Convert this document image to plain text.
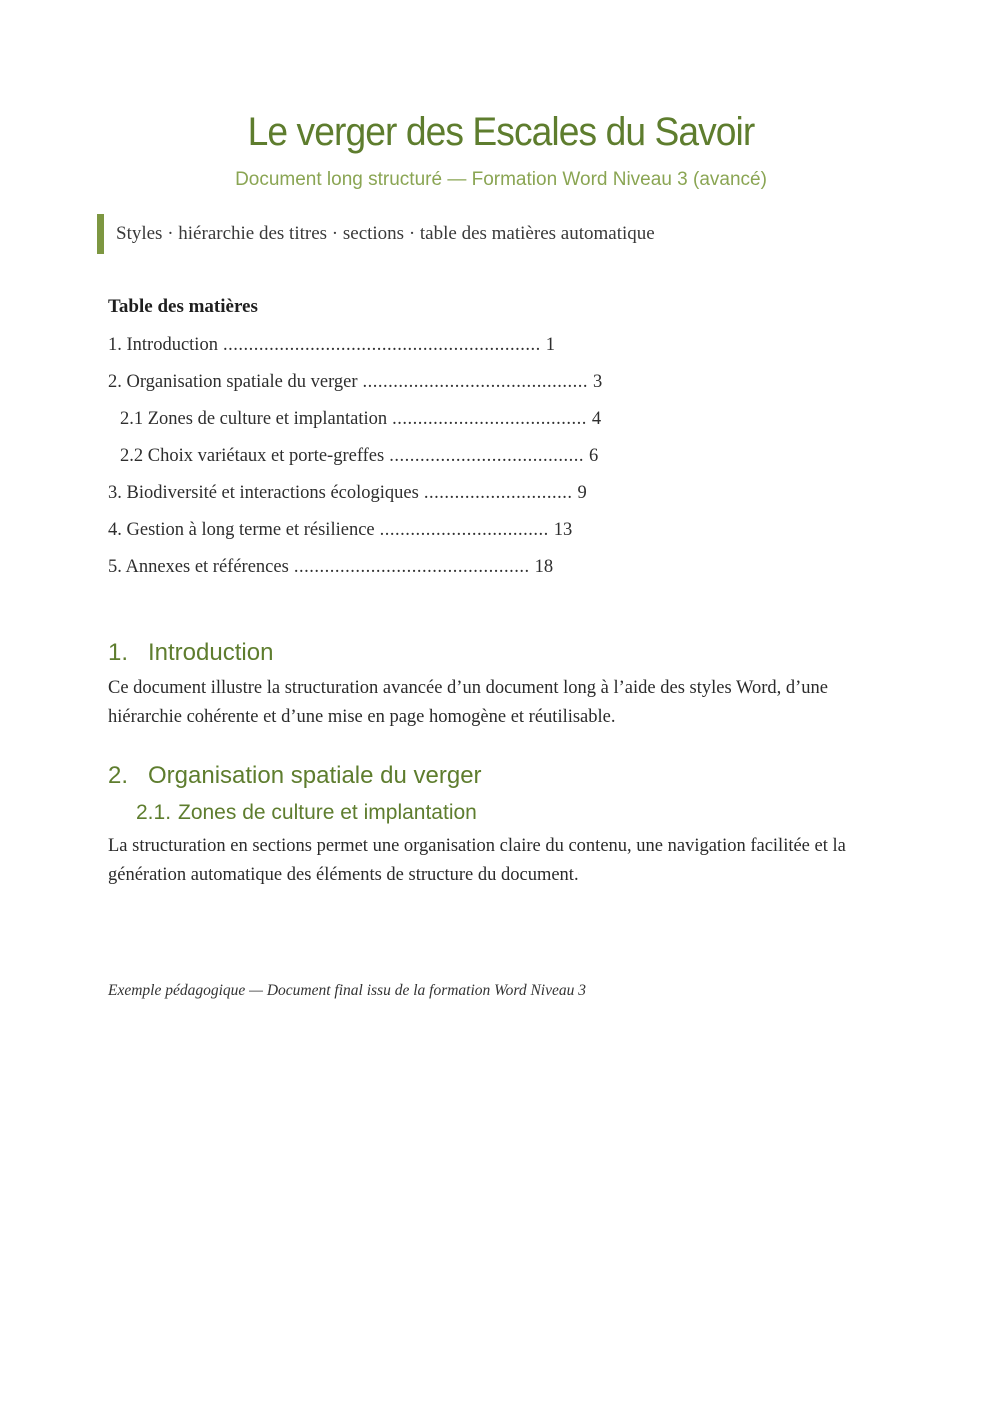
Le verger des Escales du Savoir
Document long structuré — Formation Word Niveau 3 (avancé)
Styles · hiérarchie des titres · sections · table des matières automatique
Table des matières
1. Introduction .............................................................. 1
2. Organisation spatiale du verger ............................................ 3
2.1 Zones de culture et implantation ...................................... 4
2.2 Choix variétaux et porte-greffes ...................................... 6
3. Biodiversité et interactions écologiques ............................. 9
4. Gestion à long terme et résilience ................................. 13
5. Annexes et références .............................................. 18
1. Introduction

Ce document illustre la structuration avancée d’un document long à l’aide des styles Word, d’une hiérarchie cohérente et d’une mise en page homogène et réutilisable.

2. Organisation spatiale du verger
2.1. Zones de culture et implantation

La structuration en sections permet une organisation claire du contenu, une navigation facilitée et la génération automatique des éléments de structure du document.

Exemple pédagogique — Document final issu de la formation Word Niveau 3
